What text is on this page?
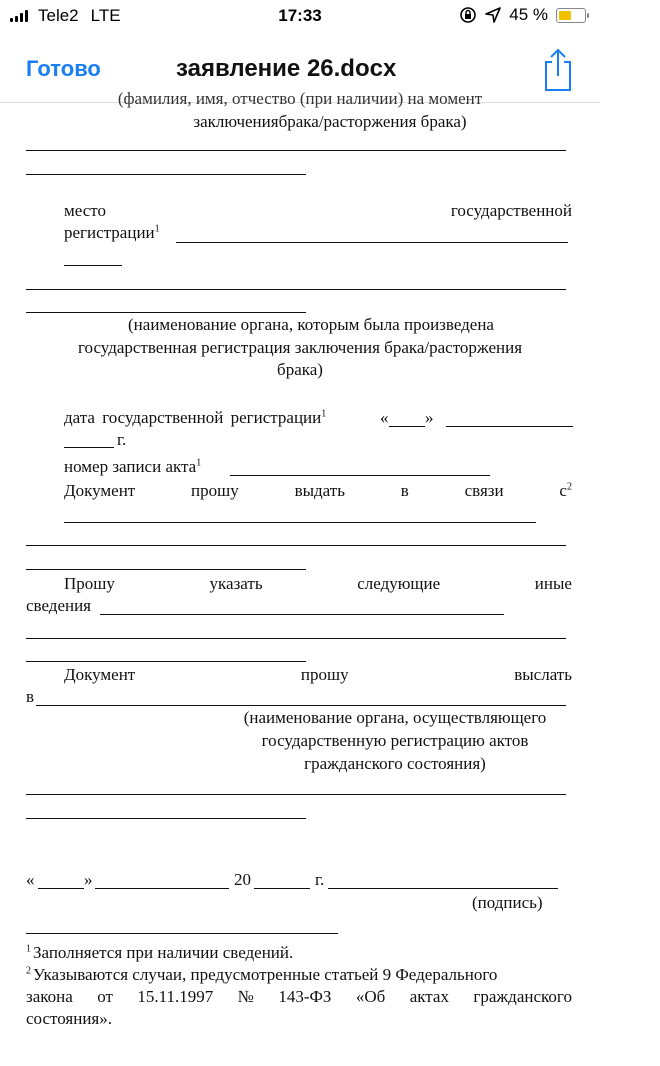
Tele2 LTE	17:33	45 %
Готово	заявление 26.docx
(фамилия, имя, отчество (при наличии) на момент
заключениябрака/расторжения брака)
место	государственной
регистрации$^1$
(наименование органа, которым была произведена
государственная регистрация заключения брака/расторжения
брака)
дата государственной регистрации$^1$	« »
г.
номер записи акта$^1$
Документ	прошу	выдать	в	связи	$с^2$
Прошу	указать	следующие	иные
сведения
Документ	прошу	выслать
в
(наименование органа, осуществляющего
государственную регистрацию актов
гражданского состояния)
«	»	20	г.
(подпись)
$^1$ Заполняется при наличии сведений.
$^2$ Указываются случаи, предусмотренные статьей 9 Федерального
закона от 15.11.1997 № 143-ФЗ «Об актах гражданского
состояния».
